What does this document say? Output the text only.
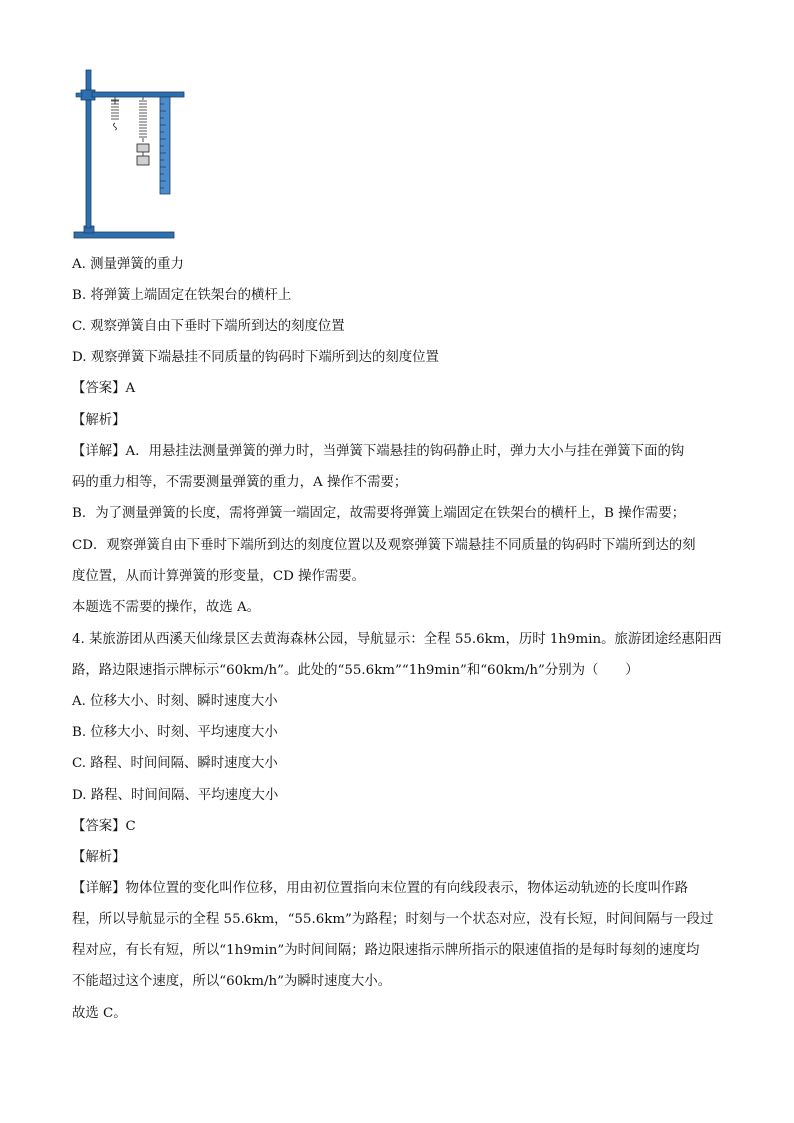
A. 测量弹簧的重力
B. 将弹簧上端固定在铁架台的横杆上
C. 观察弹簧自由下垂时下端所到达的刻度位置
D. 观察弹簧下端悬挂不同质量的钩码时下端所到达的刻度位置
【答案】A
【解析】
【详解】A．用悬挂法测量弹簧的弹力时，当弹簧下端悬挂的钩码静止时，弹力大小与挂在弹簧下面的钩
码的重力相等，不需要测量弹簧的重力，A 操作不需要；
B．为了测量弹簧的长度，需将弹簧一端固定，故需要将弹簧上端固定在铁架台的横杆上，B 操作需要；
CD．观察弹簧自由下垂时下端所到达的刻度位置以及观察弹簧下端悬挂不同质量的钩码时下端所到达的刻
度位置，从而计算弹簧的形变量，CD 操作需要。
本题选不需要的操作，故选 A。
4. 某旅游团从西溪天仙缘景区去黄海森林公园，导航显示：全程 55.6km，历时 1h9min。旅游团途经惠阳西
路，路边限速指示牌标示“60km/h”。此处的“55.6km”“1h9min”和“60km/h”分别为（　　）
A. 位移大小、时刻、瞬时速度大小
B. 位移大小、时刻、平均速度大小
C. 路程、时间间隔、瞬时速度大小
D. 路程、时间间隔、平均速度大小
【答案】C
【解析】
【详解】物体位置的变化叫作位移，用由初位置指向末位置的有向线段表示，物体运动轨迹的长度叫作路
程，所以导航显示的全程 55.6km，“55.6km”为路程；时刻与一个状态对应，没有长短，时间间隔与一段过
程对应，有长有短，所以“1h9min”为时间间隔；路边限速指示牌所指示的限速值指的是每时每刻的速度均
不能超过这个速度，所以“60km/h”为瞬时速度大小。
故选 C。
